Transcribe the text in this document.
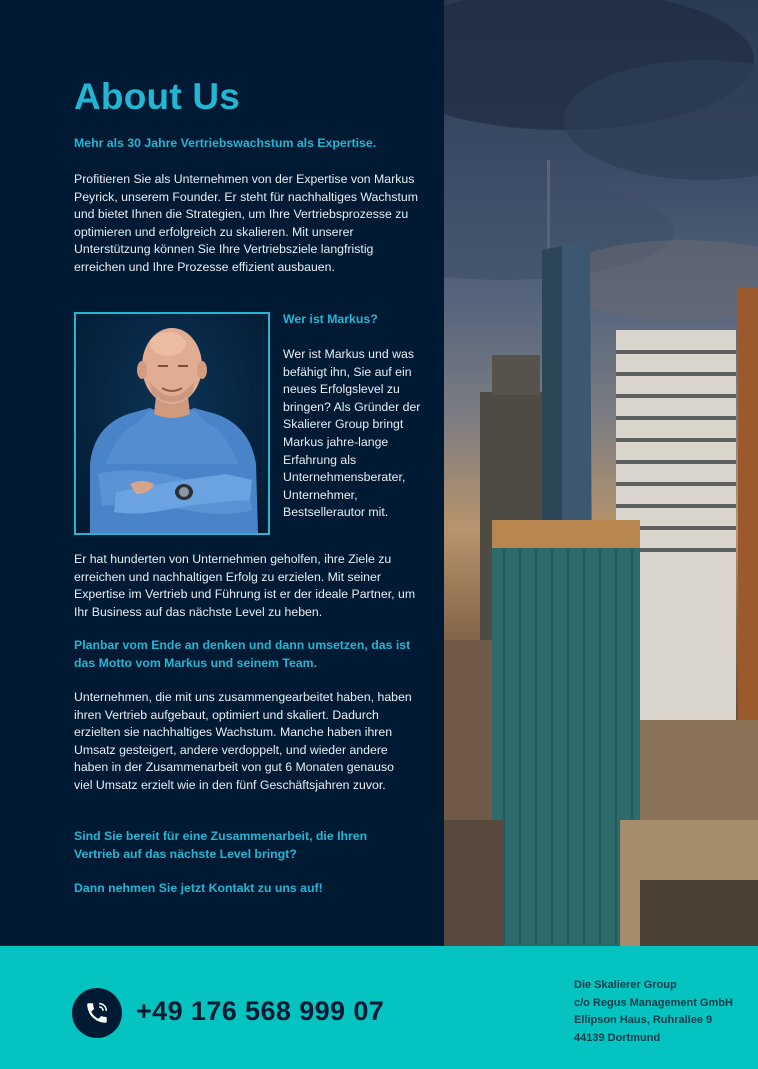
About Us

Mehr als 30 Jahre Vertriebswachstum als Expertise.

Profitieren Sie als Unternehmen von der Expertise von Markus Peyrick, unserem Founder. Er steht für nachhaltiges Wachstum und bietet Ihnen die Strategien, um Ihre Vertriebsprozesse zu optimieren und erfolgreich zu skalieren. Mit unserer Unterstützung können Sie Ihre Vertriebsziele langfristig erreichen und Ihre Prozesse effizient ausbauen.

Wer ist Markus?

Wer ist Markus und was befähigt ihn, Sie auf ein neues Erfolgslevel zu bringen? Als Gründer der Skalierer Group bringt Markus jahre-lange Erfahrung als Unternehmensberater, Unternehmer, Bestsellerautor mit.

Er hat hunderten von Unternehmen geholfen, ihre Ziele zu erreichen und nachhaltigen Erfolg zu erzielen. Mit seiner Expertise im Vertrieb und Führung ist er der ideale Partner, um Ihr Business auf das nächste Level zu heben.

Planbar vom Ende an denken und dann umsetzen, das ist das Motto vom Markus und seinem Team.

Unternehmen, die mit uns zusammengearbeitet haben, haben ihren Vertrieb aufgebaut, optimiert und skaliert. Dadurch erzielten sie nachhaltiges Wachstum. Manche haben ihren Umsatz gesteigert, andere verdoppelt, und wieder andere haben in der Zusammenarbeit von gut 6 Monaten genauso viel Umsatz erzielt wie in den fünf Geschäftsjahren zuvor.

Sind Sie bereit für eine Zusammenarbeit, die Ihren Vertrieb auf das nächste Level bringt?

Dann nehmen Sie jetzt Kontakt zu uns auf!

+49 176 568 999 07

Die Skalierer Group
c/o Regus Management GmbH
Ellipson Haus, Ruhrallee 9
44139 Dortmund
